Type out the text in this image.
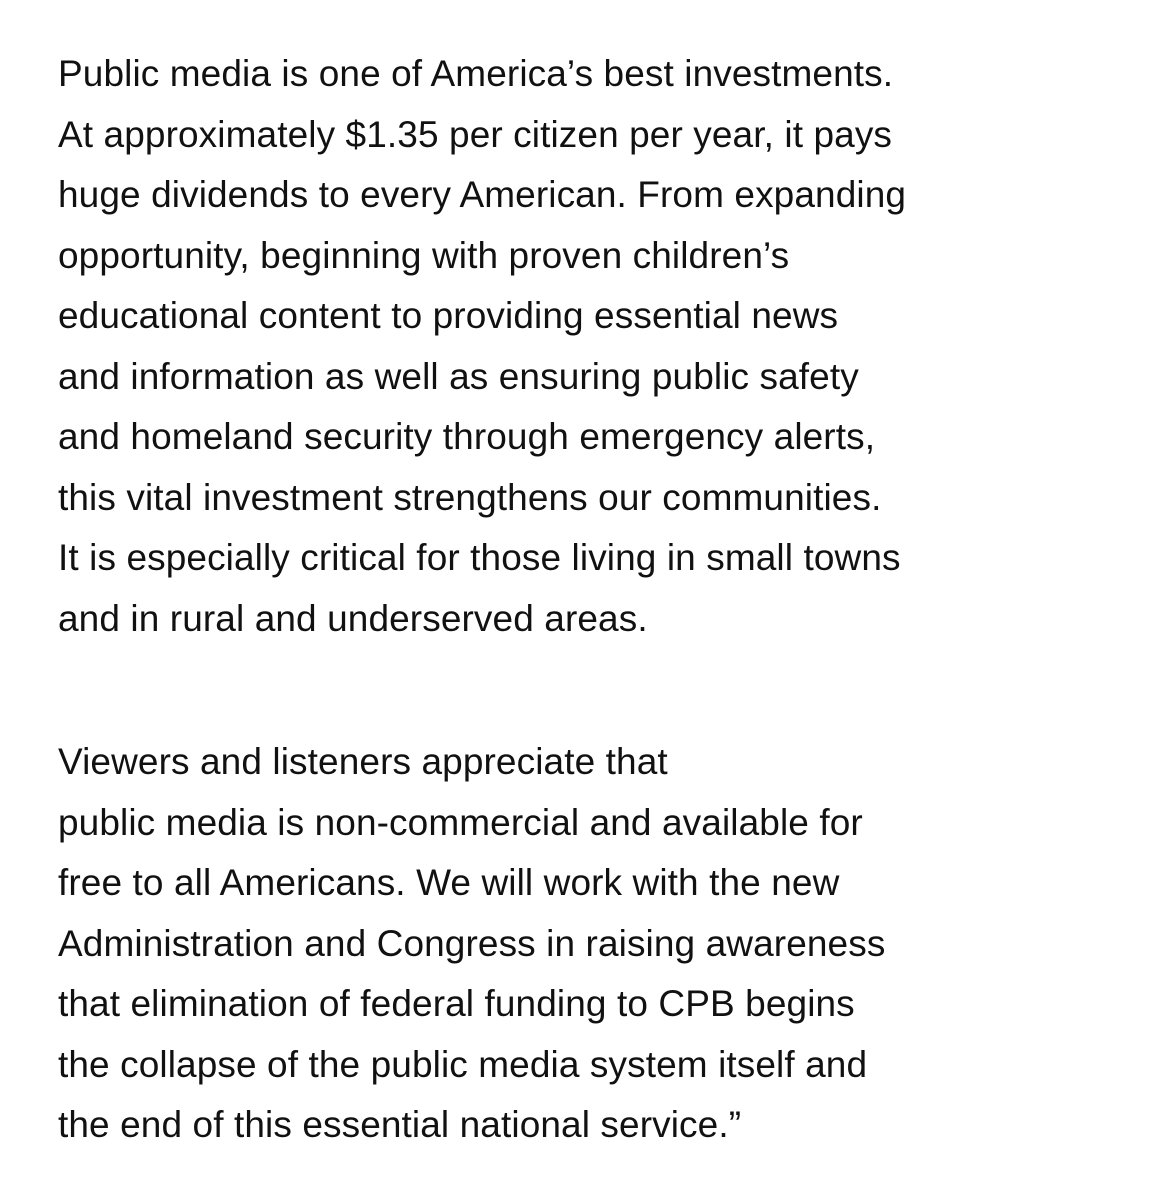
Public media is one of America’s best investments.
At approximately $1.35 per citizen per year, it pays
huge dividends to every American. From expanding
opportunity, beginning with proven children’s
educational content to providing essential news
and information as well as ensuring public safety
and homeland security through emergency alerts,
this vital investment strengthens our communities.
It is especially critical for those living in small towns
and in rural and underserved areas.

Viewers and listeners appreciate that
public media is non-commercial and available for
free to all Americans. We will work with the new
Administration and Congress in raising awareness
that elimination of federal funding to CPB begins
the collapse of the public media system itself and
the end of this essential national service.”
